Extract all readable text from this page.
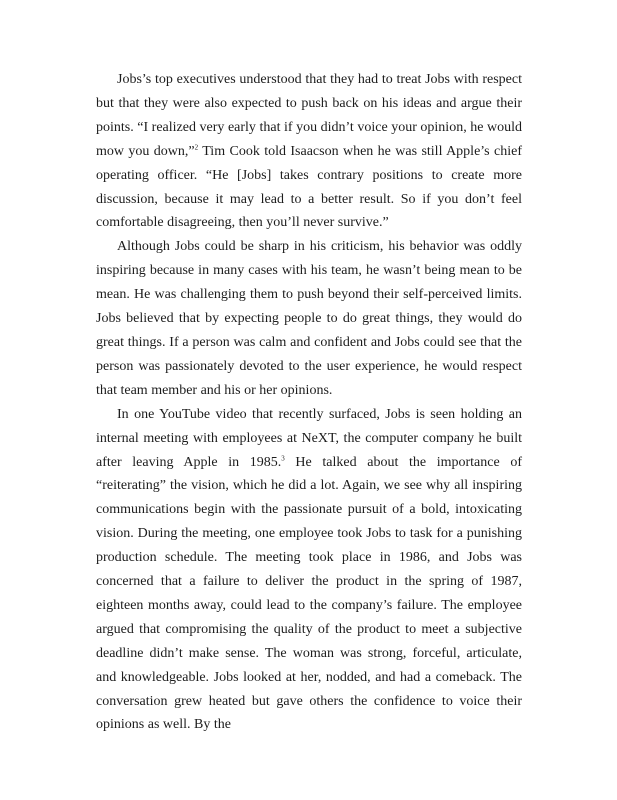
Jobs’s top executives understood that they had to treat Jobs with respect but that they were also expected to push back on his ideas and argue their points. “I realized very early that if you didn’t voice your opinion, he would mow you down,”$^2$ Tim Cook told Isaacson when he was still Apple’s chief operating officer. “He [Jobs] takes contrary positions to create more discussion, because it may lead to a better result. So if you don’t feel comfortable disagreeing, then you’ll never survive.”

Although Jobs could be sharp in his criticism, his behavior was oddly inspiring because in many cases with his team, he wasn’t being mean to be mean. He was challenging them to push beyond their self-perceived limits. Jobs believed that by expecting people to do great things, they would do great things. If a person was calm and confident and Jobs could see that the person was passionately devoted to the user experience, he would respect that team member and his or her opinions.

In one YouTube video that recently surfaced, Jobs is seen holding an internal meeting with employees at NeXT, the computer company he built after leaving Apple in 1985.$^3$ He talked about the importance of “reiterating” the vision, which he did a lot. Again, we see why all inspiring communications begin with the passionate pursuit of a bold, intoxicating vision. During the meeting, one employee took Jobs to task for a punishing production schedule. The meeting took place in 1986, and Jobs was concerned that a failure to deliver the product in the spring of 1987, eighteen months away, could lead to the company’s failure. The employee argued that compromising the quality of the product to meet a subjective deadline didn’t make sense. The woman was strong, forceful, articulate, and knowledgeable. Jobs looked at her, nodded, and had a comeback. The conversation grew heated but gave others the confidence to voice their opinions as well. By the
